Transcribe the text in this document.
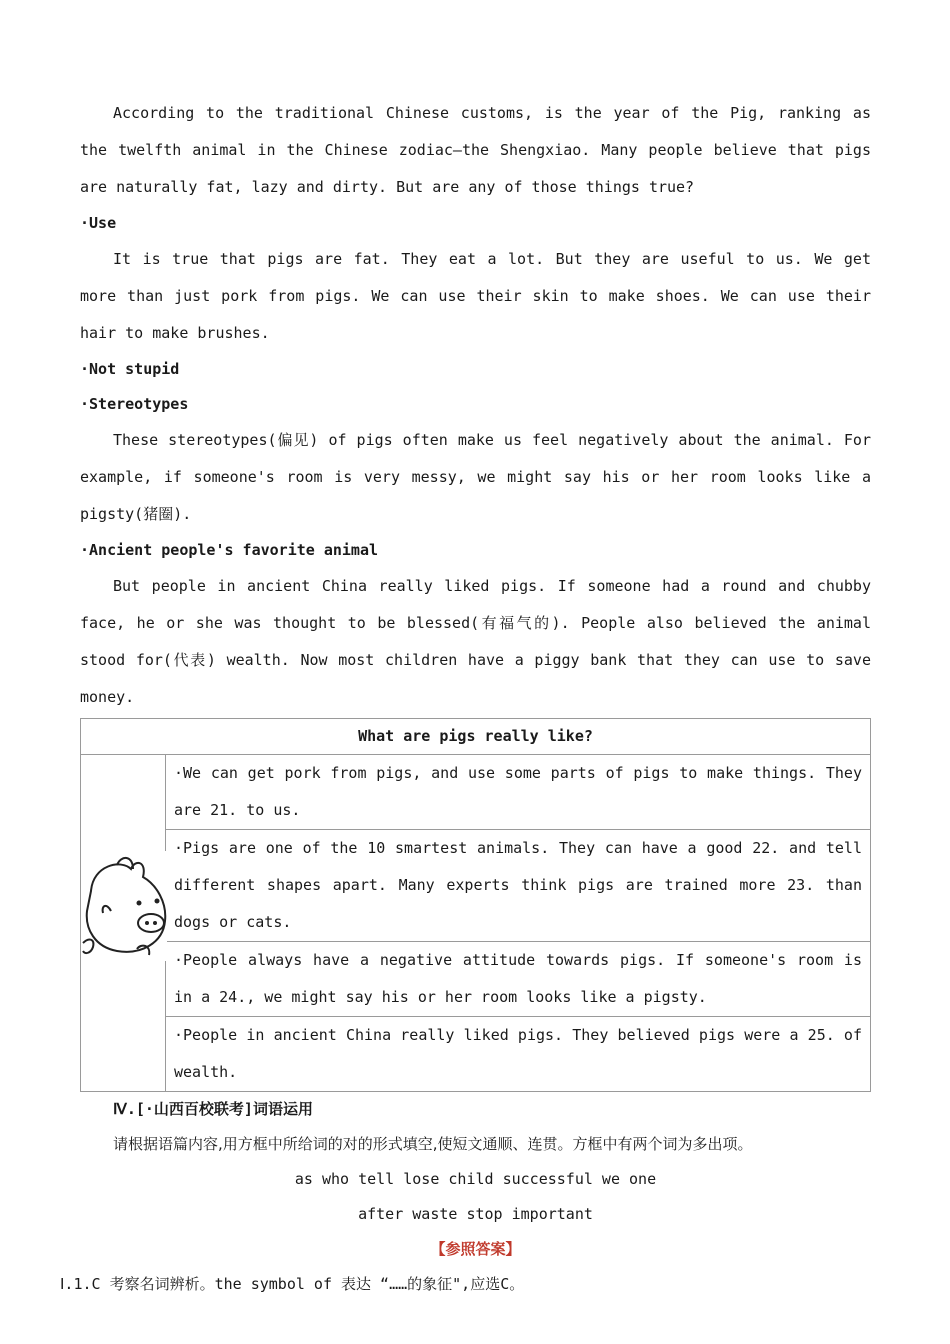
According to the traditional Chinese customs, is the year of the Pig, ranking as the twelfth animal in the Chinese zodiac—the Shengxiao. Many people believe that pigs are naturally fat, lazy and dirty. But are any of those things true?

·Use

It is true that pigs are fat. They eat a lot. But they are useful to us. We get more than just pork from pigs. We can use their skin to make shoes. We can use their hair to make brushes.

·Not stupid

·Stereotypes

These stereotypes(偏见) of pigs often make us feel negatively about the animal. For example, if someone's room is very messy, we might say his or her room looks like a pigsty(猪圈).

·Ancient people's favorite animal

But people in ancient China really liked pigs. If someone had a round and chubby face, he or she was thought to be blessed(有福气的). People also believed the animal stood for(代表) wealth. Now most children have a piggy bank that they can use to save money.

What are pigs really like?

	·We can get pork from pigs, and use some parts of pigs to make things. They are 21. to us.
·Pigs are one of the 10 smartest animals. They can have a good 22. and tell different shapes apart. Many experts think pigs are trained more 23. than dogs or cats.
·People always have a negative attitude towards pigs. If someone's room is in a 24., we might say his or her room looks like a pigsty.
·People in ancient China really liked pigs. They believed pigs were a 25. of wealth.
Ⅳ.[·山西百校联考]词语运用
请根据语篇内容,用方框中所给词的对的形式填空,使短文通顺、连贯。方框中有两个词为多出项。
as who tell lose child successful we one
after waste stop important
【参照答案】
Ⅰ.1.C 考察名词辨析。the symbol of 表达 “……的象征",应选C。
